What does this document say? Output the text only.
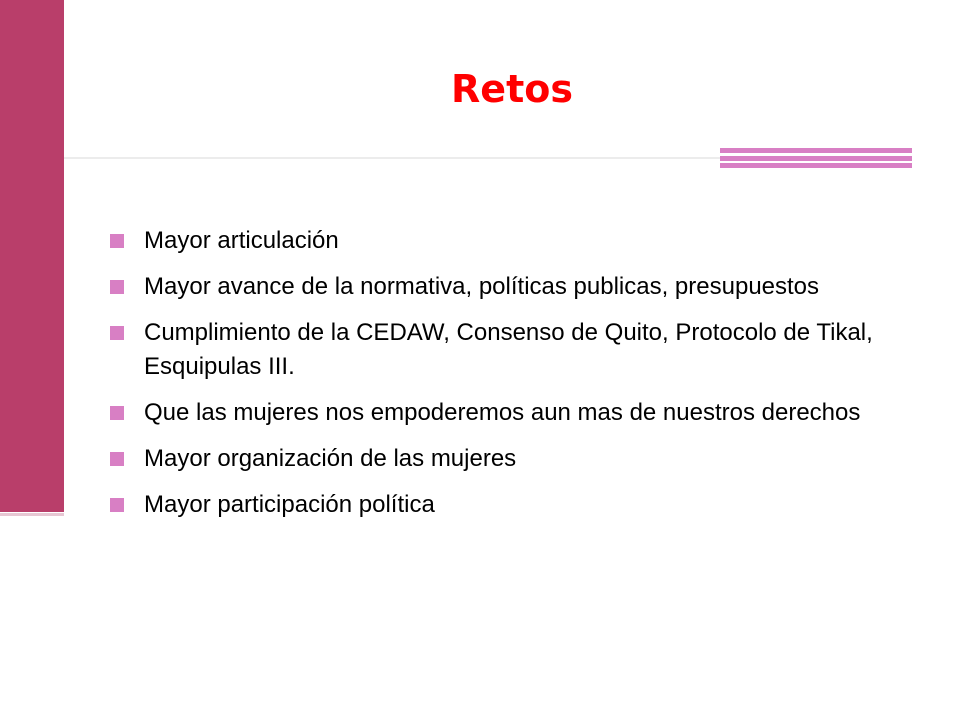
Retos
Mayor articulación
Mayor avance de la normativa, políticas publicas, presupuestos
Cumplimiento de la CEDAW, Consenso de Quito, Protocolo de Tikal, Esquipulas III.
Que las mujeres nos empoderemos aun mas de nuestros derechos
Mayor organización de las mujeres
Mayor participación política
